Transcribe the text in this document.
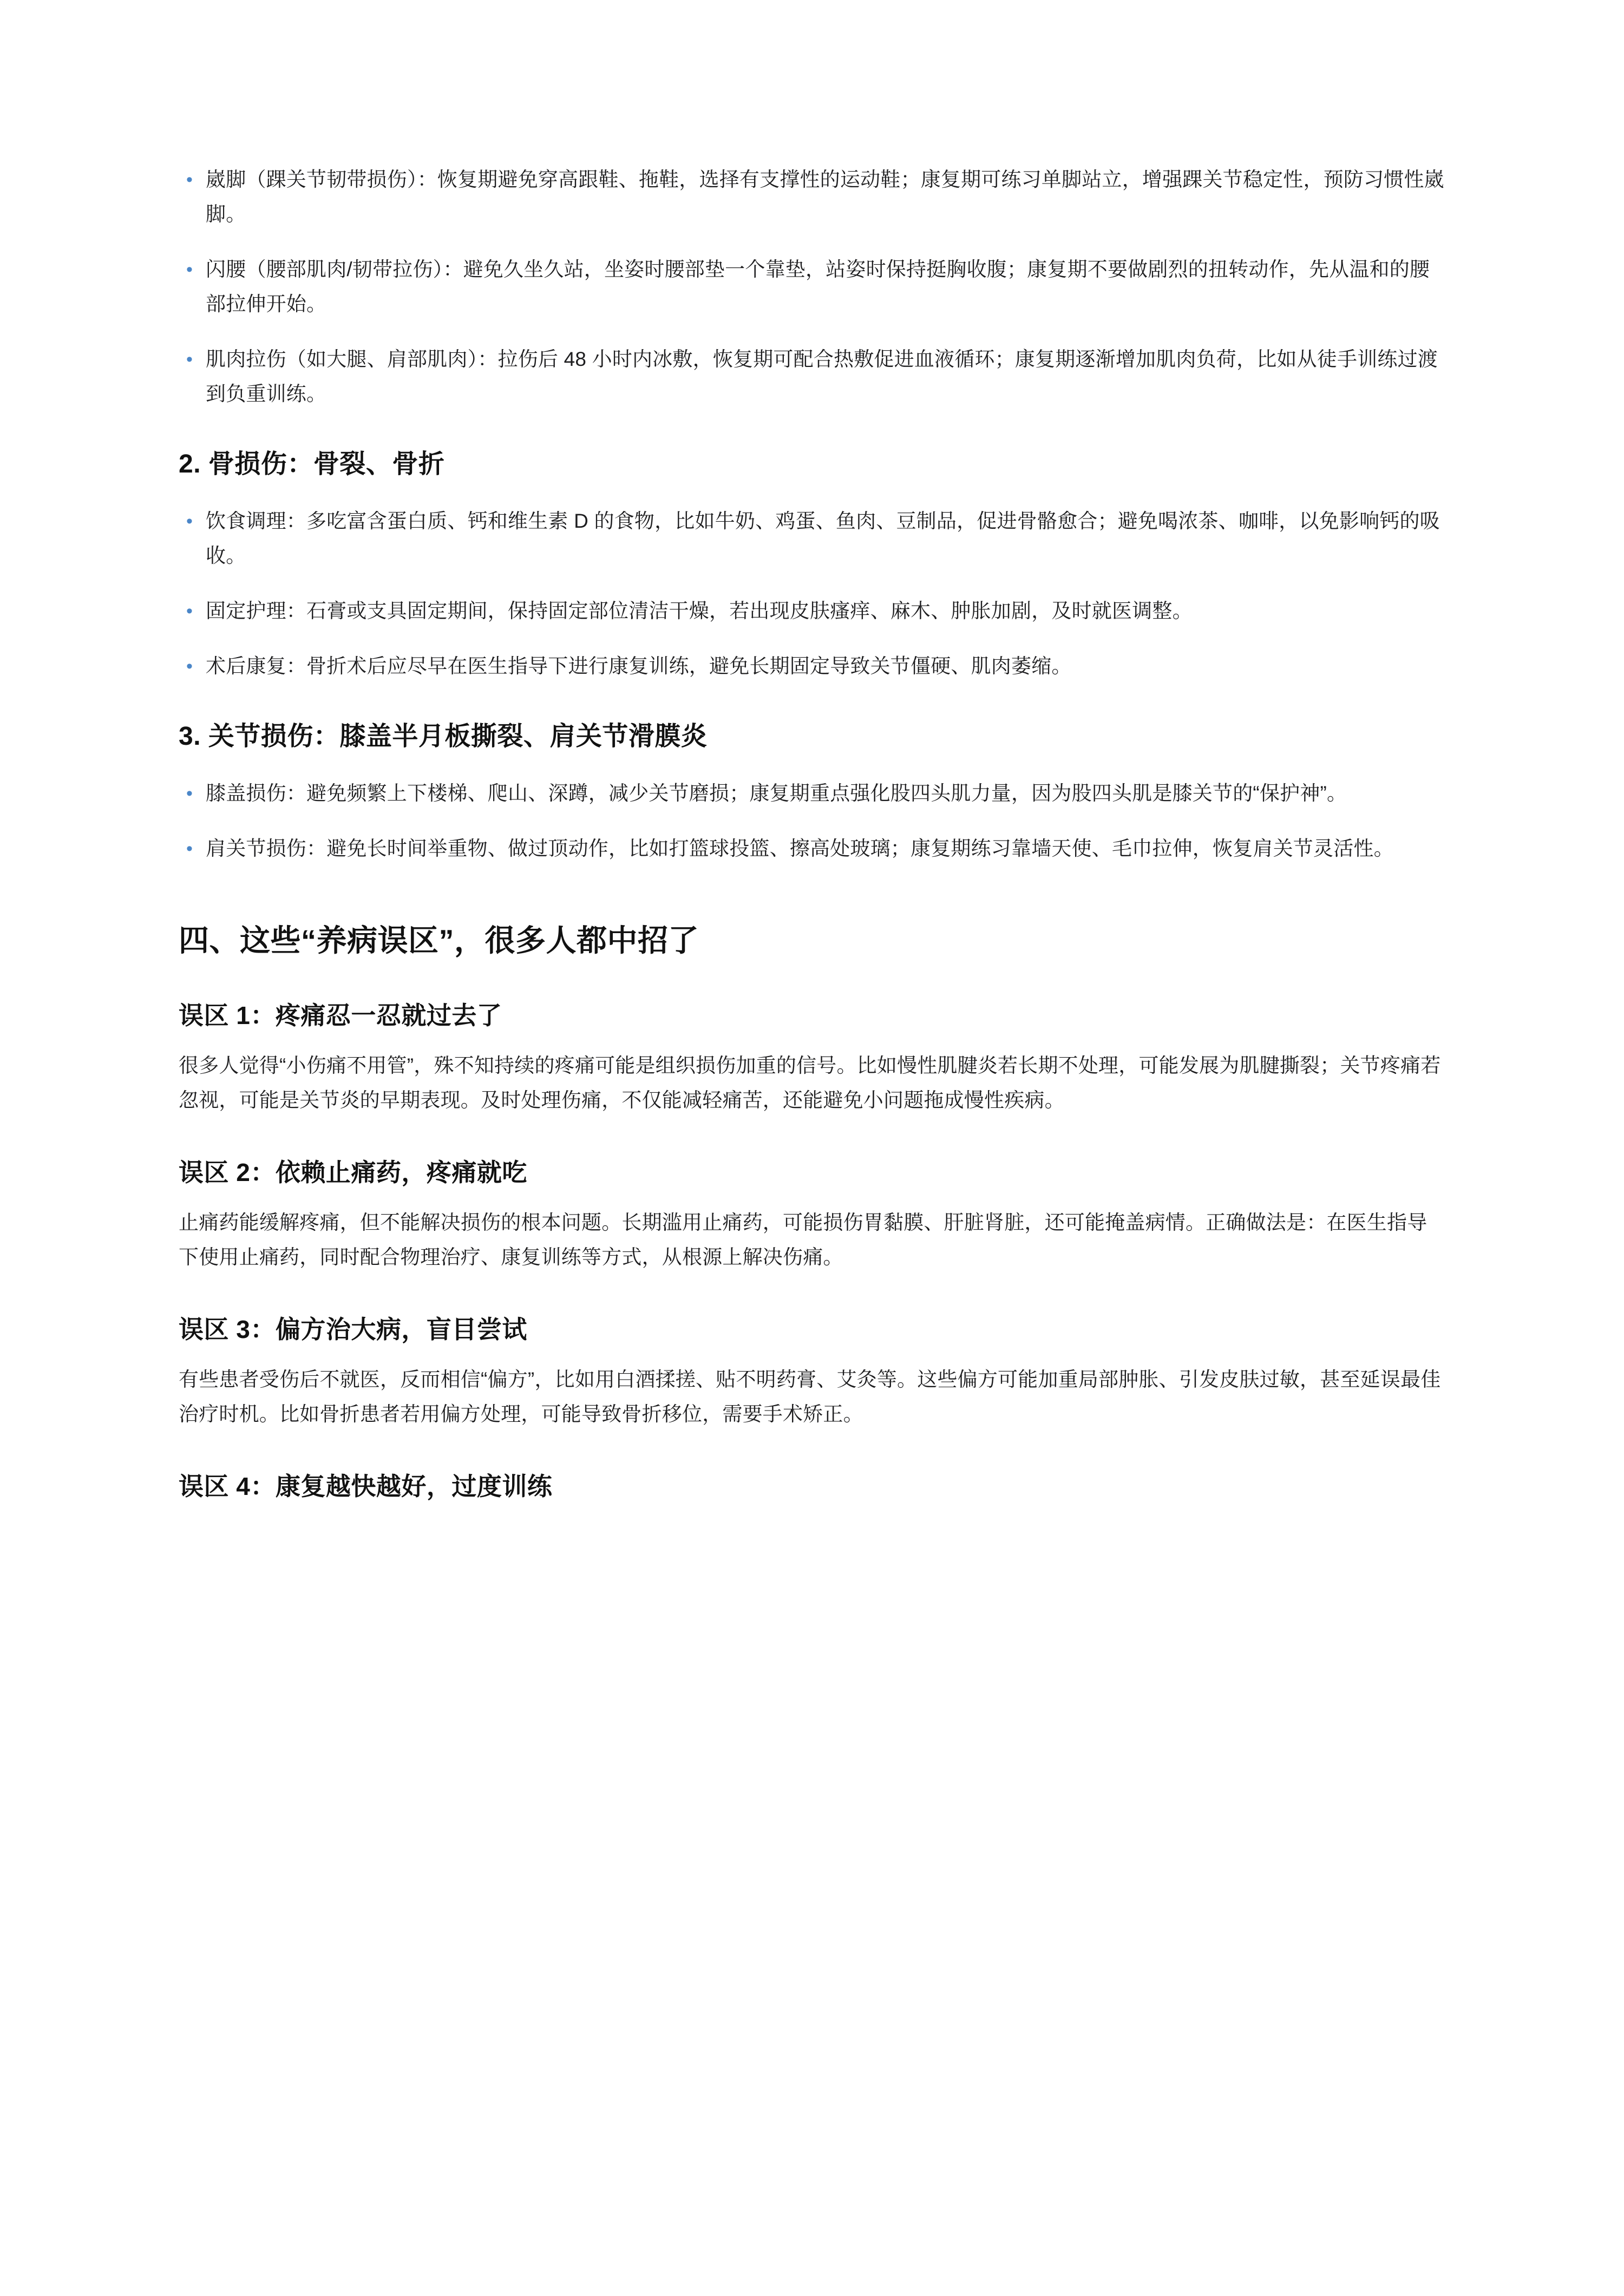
• 崴脚（踝关节韧带损伤）：恢复期避免穿高跟鞋、拖鞋，选择有支撑性的运动鞋；康复期可练习单脚站立，增强踝关节稳定性，预防习惯性崴脚。
• 闪腰（腰部肌肉/韧带拉伤）：避免久坐久站，坐姿时腰部垫一个靠垫，站姿时保持挺胸收腹；康复期不要做剧烈的扭转动作，先从温和的腰部拉伸开始。
• 肌肉拉伤（如大腿、肩部肌肉）：拉伤后 48 小时内冰敷，恢复期可配合热敷促进血液循环；康复期逐渐增加肌肉负荷，比如从徒手训练过渡到负重训练。
2. 骨损伤：骨裂、骨折
• 饮食调理：多吃富含蛋白质、钙和维生素 D 的食物，比如牛奶、鸡蛋、鱼肉、豆制品，促进骨骼愈合；避免喝浓茶、咖啡，以免影响钙的吸收。
• 固定护理：石膏或支具固定期间，保持固定部位清洁干燥，若出现皮肤瘙痒、麻木、肿胀加剧，及时就医调整。
• 术后康复：骨折术后应尽早在医生指导下进行康复训练，避免长期固定导致关节僵硬、肌肉萎缩。
3. 关节损伤：膝盖半月板撕裂、肩关节滑膜炎
• 膝盖损伤：避免频繁上下楼梯、爬山、深蹲，减少关节磨损；康复期重点强化股四头肌力量，因为股四头肌是膝关节的“保护神”。
• 肩关节损伤：避免长时间举重物、做过顶动作，比如打篮球投篮、擦高处玻璃；康复期练习靠墙天使、毛巾拉伸，恢复肩关节灵活性。
四、这些“养病误区”，很多人都中招了
误区 1：疼痛忍一忍就过去了

很多人觉得“小伤痛不用管”，殊不知持续的疼痛可能是组织损伤加重的信号。比如慢性肌腱炎若长期不处理，可能发展为肌腱撕裂；关节疼痛若忽视，可能是关节炎的早期表现。及时处理伤痛，不仅能减轻痛苦，还能避免小问题拖成慢性疾病。

误区 2：依赖止痛药，疼痛就吃

止痛药能缓解疼痛，但不能解决损伤的根本问题。长期滥用止痛药，可能损伤胃黏膜、肝脏肾脏，还可能掩盖病情。正确做法是：在医生指导下使用止痛药，同时配合物理治疗、康复训练等方式，从根源上解决伤痛。

误区 3：偏方治大病，盲目尝试

有些患者受伤后不就医，反而相信“偏方”，比如用白酒揉搓、贴不明药膏、艾灸等。这些偏方可能加重局部肿胀、引发皮肤过敏，甚至延误最佳治疗时机。比如骨折患者若用偏方处理，可能导致骨折移位，需要手术矫正。

误区 4：康复越快越好，过度训练
